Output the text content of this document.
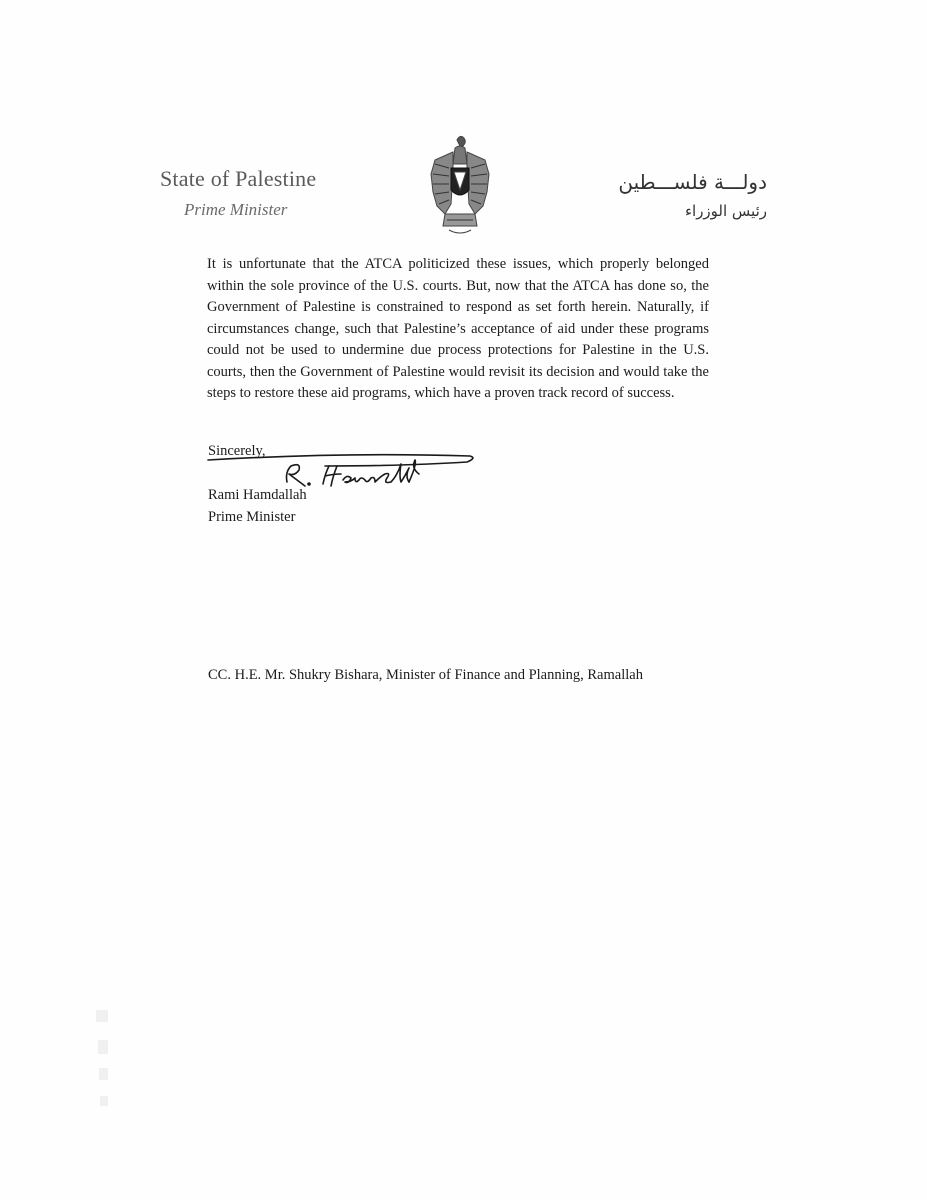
State of Palestine
Prime Minister
دولـــة فلســـطين
رئيس الوزراء

It is unfortunate that the ATCA politicized these issues, which properly belonged within the sole province of the U.S. courts. But, now that the ATCA has done so, the Government of Palestine is constrained to respond as set forth herein. Naturally, if circumstances change, such that Palestine’s acceptance of aid under these programs could not be used to undermine due process protections for Palestine in the U.S. courts, then the Government of Palestine would revisit its decision and would take the steps to restore these aid programs, which have a proven track record of success.

Sincerely,
Rami Hamdallah
Prime Minister
CC. H.E. Mr. Shukry Bishara, Minister of Finance and Planning, Ramallah
